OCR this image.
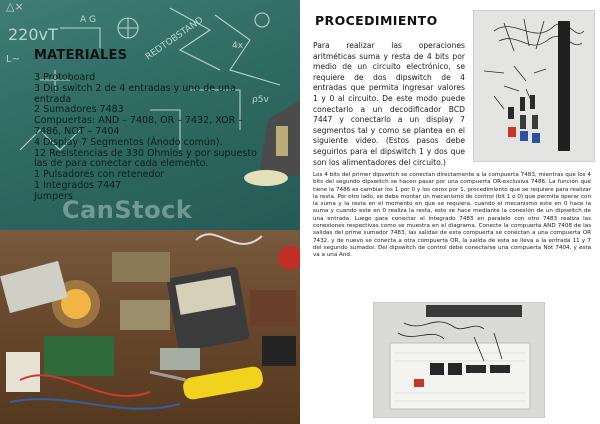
△×
220vT
L~
A G	REDTOBSTAND	4x
ρ5v
MATERIALES
3 Protoboard
3 Dip switch 2 de 4 entradas y uno de una entrada
2 Sumadores 7483
Compuertas: AND – 7408, OR – 7432, XOR – 7486, NOT – 7404
4 Display 7 Segmentos (Ánodo común).
12 Resistencias de 330 Ohmios y por supuesto las de para conectar cada elemento.
1 Pulsadores con retenedor
1 Integrados 7447
Jumpers
CanStock
PROCEDIMIENTO

Para realizar las operaciones aritméticas suma y resta de 4 bits por medio de un circuito electrónico, se requiere de dos dipswitch de 4 entradas que permita ingresar valores 1 y 0 al circuito. De este modo puede conectarlo a un decodificador BCD 7447 y conectarlo a un display 7 segmentos tal y como se plantea en el siguiente video. (Estos pasos debe seguirlos para el dipswitch 1 y dos que son los alimentadores del circuito.)

Los 4 bits del primer dipswitch se conectan directamente a la compuerta 7483, mientras que los 4 bits del segundo dipswitch se hacen pasar por una compuerta OR-exclusiva 7486. La función que tiene la 7486 es cambiar los 1 por 0 y los ceros por 1, procedimiento que se requiere para realizar la resta. Por otro lado, se debe montar un mecanismo de control (bit 1 o 0) que permita operar con la suma y la resta en el momento en que se requiera, cuando el mecanismo este en 0 hace la suma y cuando este en 0 realiza la resta, esto se hace mediante la conexión de un dipswitch de una entrada. Luego para conectar el integrado 7483 en paralelo con otro 7483 realiza las conexiones respectivas como se muestra en el diagrama. Conecte la compuerta AND 7408 de las salidas del prime sumador 7483, las salidas de esta compuerta se conectan a una compuerta OR 7432, y de nuevo se conecta a otra compuerta OR, la salida de esta se lleva a la entrada 11 y 7 del segundo sumador. Del dipswitch de control debe conectarse una compuerta Not 7404, y esta va a una And.
